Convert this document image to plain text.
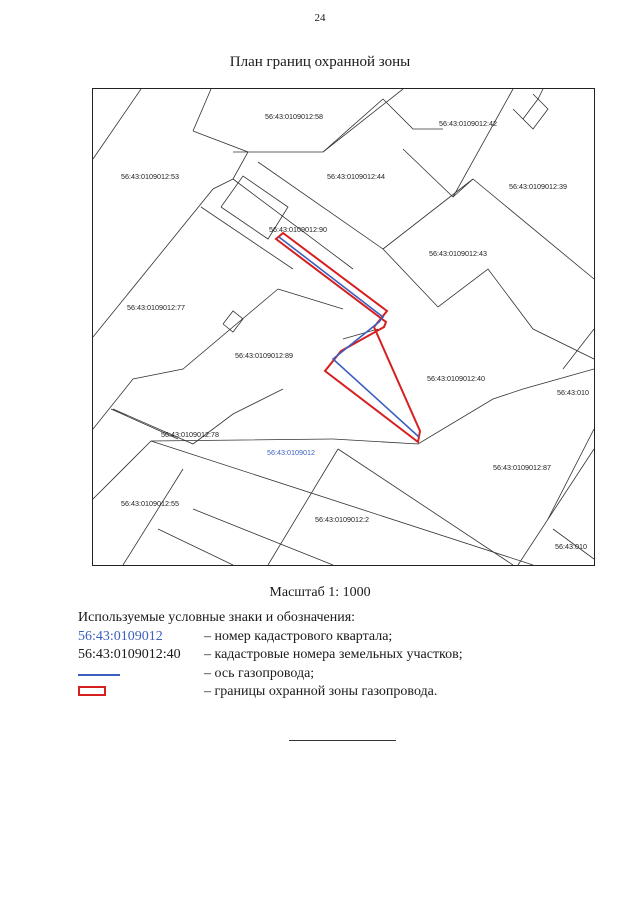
24
План границ охранной зоны
56:43:0109012:58
56:43:0109012:42
56:43:0109012:53	56:43:0109012:44
56:43:0109012:39
56:43:0109012:90
56:43:0109012:43
56:43:0109012:77
56:43:0109012:89
56:43:0109012:40
56:43:010
56:43:0109012:78
56:43:0109012
56:43:0109012:87
56:43:0109012:55
56:43:0109012:2
56:43:010
Масштаб 1: 1000
Используемые условные знаки и обозначения:
56:43:0109012	– номер кадастрового квартала;
56:43:0109012:40 – кадастровые номера земельных участков;
– ось газопровода;
– границы охранной зоны газопровода.
